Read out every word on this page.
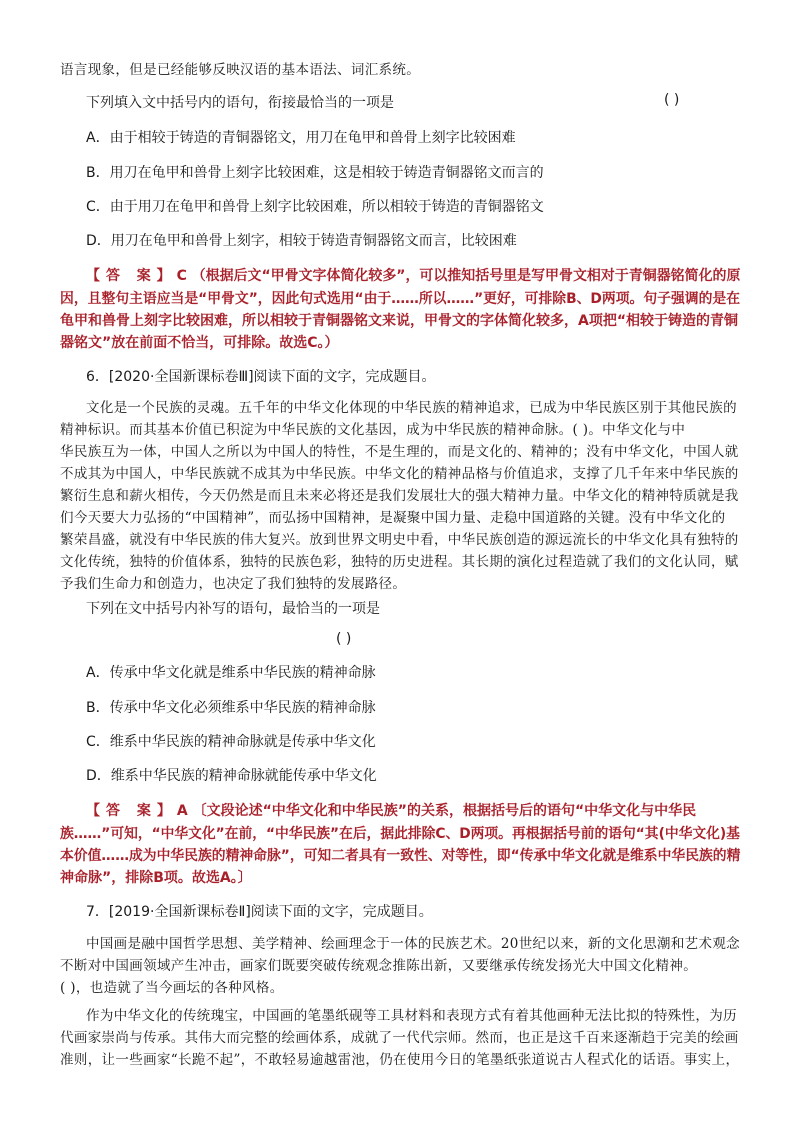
语言现象，但是已经能够反映汉语的基本语法、词汇系统。
下列填入文中括号内的语句，衔接最恰当的一项是	( )
A．由于相较于铸造的青铜器铭文，用刀在龟甲和兽骨上刻字比较困难
B．用刀在龟甲和兽骨上刻字比较困难，这是相较于铸造青铜器铭文而言的
C．由于用刀在龟甲和兽骨上刻字比较困难，所以相较于铸造的青铜器铭文
D．用刀在龟甲和兽骨上刻字，相较于铸造青铜器铭文而言，比较困难
【答 案】C （根据后文“甲骨文字体简化较多”，可以推知括号里是写甲骨文相对于青铜器铭简化的原
因，且整句主语应当是“甲骨文”，因此句式选用“由于……所以……”更好，可排除B、D两项。句子强调的是在
龟甲和兽骨上刻字比较困难，所以相较于青铜器铭文来说，甲骨文的字体简化较多，A项把“相较于铸造的青铜
器铭文”放在前面不恰当，可排除。故选C。）
6．[2020·全国新课标卷Ⅲ]阅读下面的文字，完成题目。
文化是一个民族的灵魂。五千年的中华文化体现的中华民族的精神追求，已成为中华民族区别于其他民族的
精神标识。而其基本价值已积淀为中华民族的文化基因，成为中华民族的精神命脉。( )。中华文化与中
华民族互为一体，中国人之所以为中国人的特性，不是生理的，而是文化的、精神的；没有中华文化，中国人就
不成其为中国人，中华民族就不成其为中华民族。中华文化的精神品格与价值追求，支撑了几千年来中华民族的
繁衍生息和薪火相传，今天仍然是而且未来必将还是我们发展壮大的强大精神力量。中华文化的精神特质就是我
们今天要大力弘扬的“中国精神”，而弘扬中国精神，是凝聚中国力量、走稳中国道路的关键。没有中华文化的
繁荣昌盛，就没有中华民族的伟大复兴。放到世界文明史中看，中华民族创造的源远流长的中华文化具有独特的
文化传统，独特的价值体系，独特的民族色彩，独特的历史进程。其长期的演化过程造就了我们的文化认同，赋
予我们生命力和创造力，也决定了我们独特的发展路径。
下列在文中括号内补写的语句，最恰当的一项是
( )
A．传承中华文化就是维系中华民族的精神命脉
B．传承中华文化必须维系中华民族的精神命脉
C．维系中华民族的精神命脉就是传承中华文化
D．维系中华民族的精神命脉就能传承中华文化
【答 案】A 〔文段论述“中华文化和中华民族”的关系，根据括号后的语句“中华文化与中华民
族……”可知，“中华文化”在前，“中华民族”在后，据此排除C、D两项。再根据括号前的语句“其(中华文化)基
本价值……成为中华民族的精神命脉”，可知二者具有一致性、对等性，即“传承中华文化就是维系中华民族的精
神命脉”，排除B项。故选A。〕
7．[2019·全国新课标卷Ⅱ]阅读下面的文字，完成题目。
中国画是融中国哲学思想、美学精神、绘画理念于一体的民族艺术。20世纪以来，新的文化思潮和艺术观念
不断对中国画领域产生冲击，画家们既要突破传统观念推陈出新，又要继承传统发扬光大中国文化精神。
( )，也造就了当今画坛的各种风格。
作为中华文化的传统瑰宝，中国画的笔墨纸砚等工具材料和表现方式有着其他画种无法比拟的特殊性，为历
代画家崇尚与传承。其伟大而完整的绘画体系，成就了一代代宗师。然而，也正是这千百来逐渐趋于完美的绘画
准则，让一些画家“长跪不起”，不敢轻易逾越雷池，仍在使用今日的笔墨纸张道说古人程式化的话语。事实上，
